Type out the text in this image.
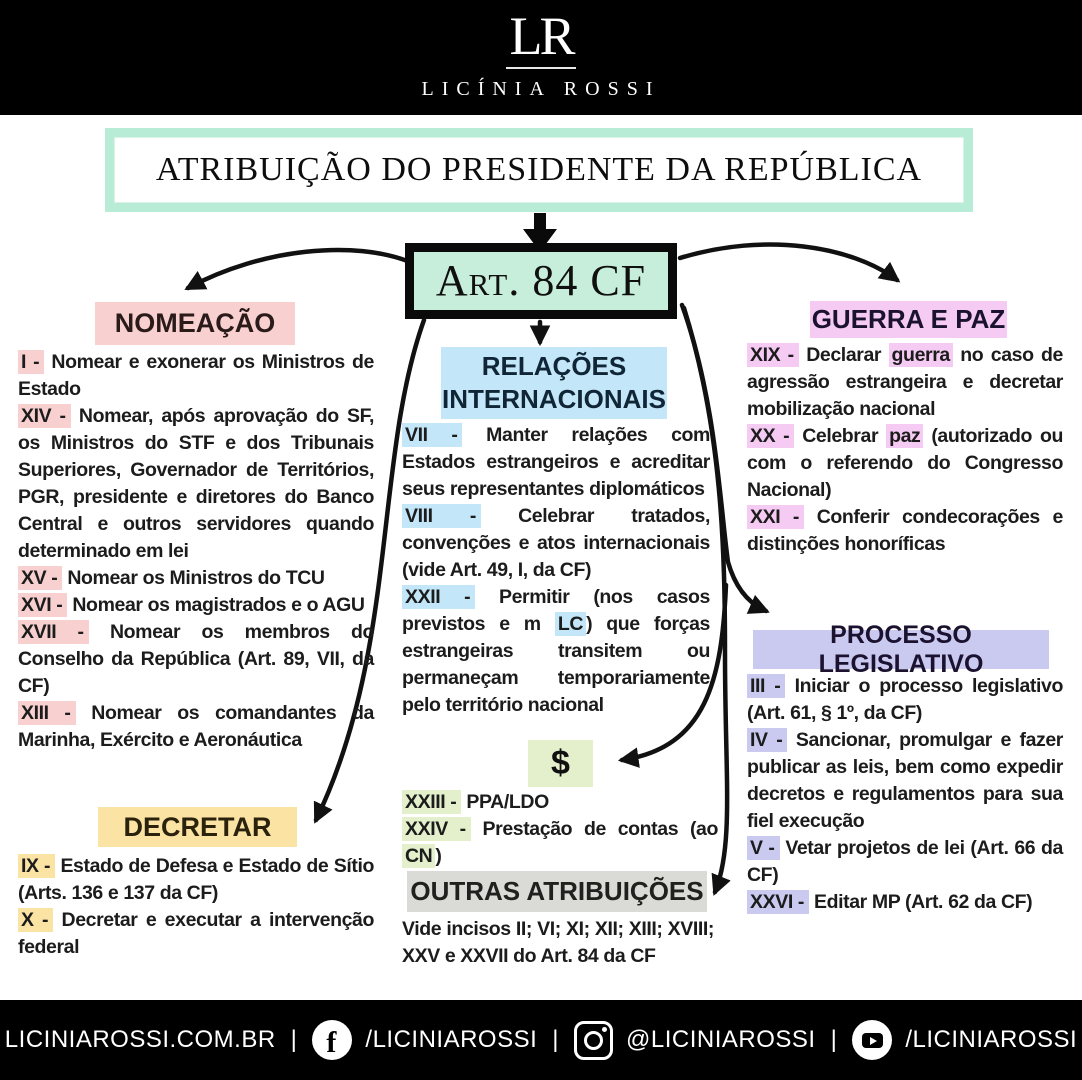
LR
LICÍNIA ROSSI
ATRIBUIÇÃO DO PRESIDENTE DA REPÚBLICA
Art. 84 CF
NOMEAÇÃO
I - Nomear e exonerar os Ministros de Estado
XIV - Nomear, após aprovação do SF, os Ministros do STF e dos Tribunais Superiores, Governador de Territórios, PGR, presidente e diretores do Banco Central e outros servidores quando determinado em lei
XV - Nomear os Ministros do TCU
XVI - Nomear os magistrados e o AGU
XVII - Nomear os membros do Conselho da República (Art. 89, VII, da CF)
XIII - Nomear os comandantes da Marinha, Exército e Aeronáutica
RELAÇÕES INTERNACIONAIS
VII - Manter relações com Estados estrangeiros e acreditar seus representantes diplomáticos
VIII - Celebrar tratados, convenções e atos internacionais (vide Art. 49, I, da CF)
XXII - Permitir (nos casos previstos e m LC ) que forças estrangeiras transitem ou permaneçam temporariamente pelo território nacional
GUERRA E PAZ
XIX - Declarar guerra no caso de agressão estrangeira e decretar mobilização nacional
XX - Celebrar paz (autorizado ou com o referendo do Congresso Nacional)
XXI - Conferir condecorações e distinções honoríficas
PROCESSO LEGISLATIVO
III - Iniciar o processo legislativo (Art. 61, § 1º, da CF)
IV - Sancionar, promulgar e fazer publicar as leis, bem como expedir decretos e regulamentos para sua fiel execução
V - Vetar projetos de lei (Art. 66 da CF)
XXVI - Editar MP (Art. 62 da CF)
DECRETAR
IX - Estado de Defesa e Estado de Sítio (Arts. 136 e 137 da CF)
X - Decretar e executar a intervenção federal
$
XXIII - PPA/LDO
XXIV - Prestação de contas (ao CN )
OUTRAS ATRIBUIÇÕES
Vide incisos II; VI; XI; XII; XIII; XVIII; XXV e XXVII do Art. 84 da CF
LICINIAROSSI.COM.BR | f /LICINIAROSSI |	@LICINIAROSSI |	/LICINIAROSSI
